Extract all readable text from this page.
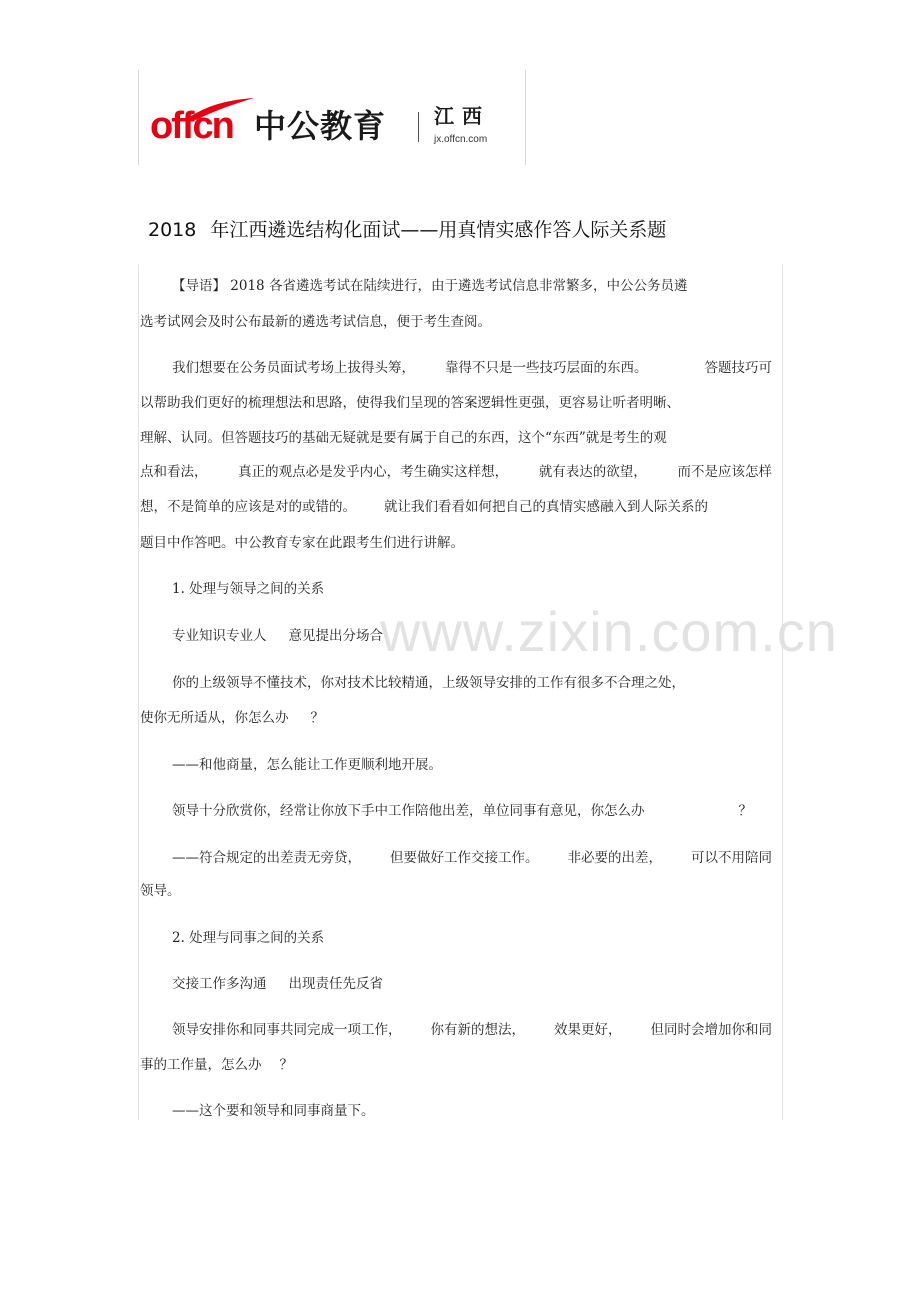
offcn 中公教育 江西
jx.offcn.com
2018 年江西遴选结构化面试——用真情实感作答人际关系题
www.zixin.com.cn
【导语】 2018 各省遴选考试在陆续进行，由于遴选考试信息非常繁多，中公公务员遴
选考试网会及时公布最新的遴选考试信息，便于考生查阅。
我们想要在公务员面试考场上拔得头筹， 靠得不只是一些技巧层面的东西。	答题技巧可
以帮助我们更好的梳理想法和思路，使得我们呈现的答案逻辑性更强，更容易让听者明晰、
理解、认同。但答题技巧的基础无疑就是要有属于自己的东西，这个“东西”就是考生的观
点和看法， 真正的观点必是发乎内心，考生确实这样想， 就有表达的欲望， 而不是应该怎样
想，不是简单的应该是对的或错的。 就让我们看看如何把自己的真情实感融入到人际关系的
题目中作答吧。中公教育专家在此跟考生们进行讲解。
1. 处理与领导之间的关系
专业知识专业人 意见提出分场合
你的上级领导不懂技术，你对技术比较精通，上级领导安排的工作有很多不合理之处，
使你无所适从，你怎么办 ？
——和他商量，怎么能让工作更顺利地开展。
领导十分欣赏你，经常让你放下手中工作陪他出差，单位同事有意见，你怎么办	？
——符合规定的出差责无旁贷， 但要做好工作交接工作。 非必要的出差， 可以不用陪同
领导。
2. 处理与同事之间的关系
交接工作多沟通 出现责任先反省
领导安排你和同事共同完成一项工作， 你有新的想法， 效果更好， 但同时会增加你和同
事的工作量，怎么办 ？
——这个要和领导和同事商量下。
